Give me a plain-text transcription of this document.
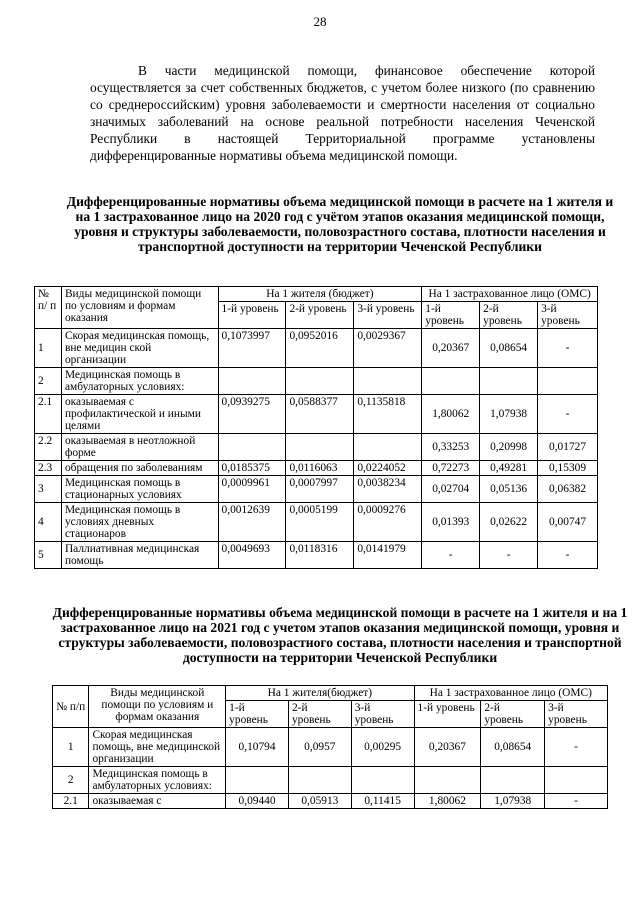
28

В части медицинской помощи, финансовое обеспечение которой осуществляется за счет собственных бюджетов, с учетом более низкого (по сравнению со среднероссийским) уровня заболеваемости и смертности населения от социально значимых заболеваний на основе реальной потребности населения Чеченской Республики в настоящей Территориальной программе установлены дифференцированные нормативы объема медицинской помощи.

Дифференцированные нормативы объема медицинской помощи в расчете на 1 жителя и на 1 застрахованное лицо на 2020 год с учётом этапов оказания медицинской помощи, уровня и структуры заболеваемости, половозрастного состава, плотности населения и транспортной доступности на территории Чеченской Республики

№ п/ п	Виды медицинской помощи по условиям и формам оказания	На 1 жителя (бюджет)			На 1 застрахованное лицо (ОМС)		
		1-й уровень	2-й уровень	3-й уровень	1-й уровень	2-й уровень	3-й уровень
1	Скорая медицинская помощь, вне медицин ской организации	0,1073997	0,0952016	0,0029367	0,20367	0,08654	-
2	Медицинская помощь в амбулаторных условиях:						
2.1	оказываемая с профилактической и иными целями	0,0939275	0,0588377	0,1135818	1,80062	1,07938	-
2.2	оказываемая в неотложной форме				0,33253	0,20998	0,01727
2.3	обращения по заболеваниям	0,0185375	0,0116063	0,0224052	0,72273	0,49281	0,15309
3	Медицинская помощь в стационарных условиях	0,0009961	0,0007997	0,0038234	0,02704	0,05136	0,06382
4	Медицинская помощь в условиях дневных стационаров	0,0012639	0,0005199	0,0009276	0,01393	0,02622	0,00747
5	Паллиативная медицинская помощь	0,0049693	0,0118316	0,0141979	-	-	-

Дифференцированные нормативы объема медицинской помощи в расчете на 1 жителя и на 1 застрахованное лицо на 2021 год с учетом этапов оказания медицинской помощи, уровня и структуры заболеваемости, половозрастного состава, плотности населения и транспортной доступности на территории Чеченской Республики

№ п/п	Виды медицинской помощи по условиям и формам оказания	На 1 жителя(бюджет)			На 1 застрахованное лицо (ОМС)		
		1-й уровень	2-й уровень	3-й уровень	1-й уровень	2-й уровень	3-й уровень
1	Скорая медицинская помощь, вне медицинской организации	0,10794	0,0957	0,00295	0,20367	0,08654	-
2	Медицинская помощь в амбулаторных условиях:						
2.1	оказываемая с	0,09440	0,05913	0,11415	1,80062	1,07938	-
